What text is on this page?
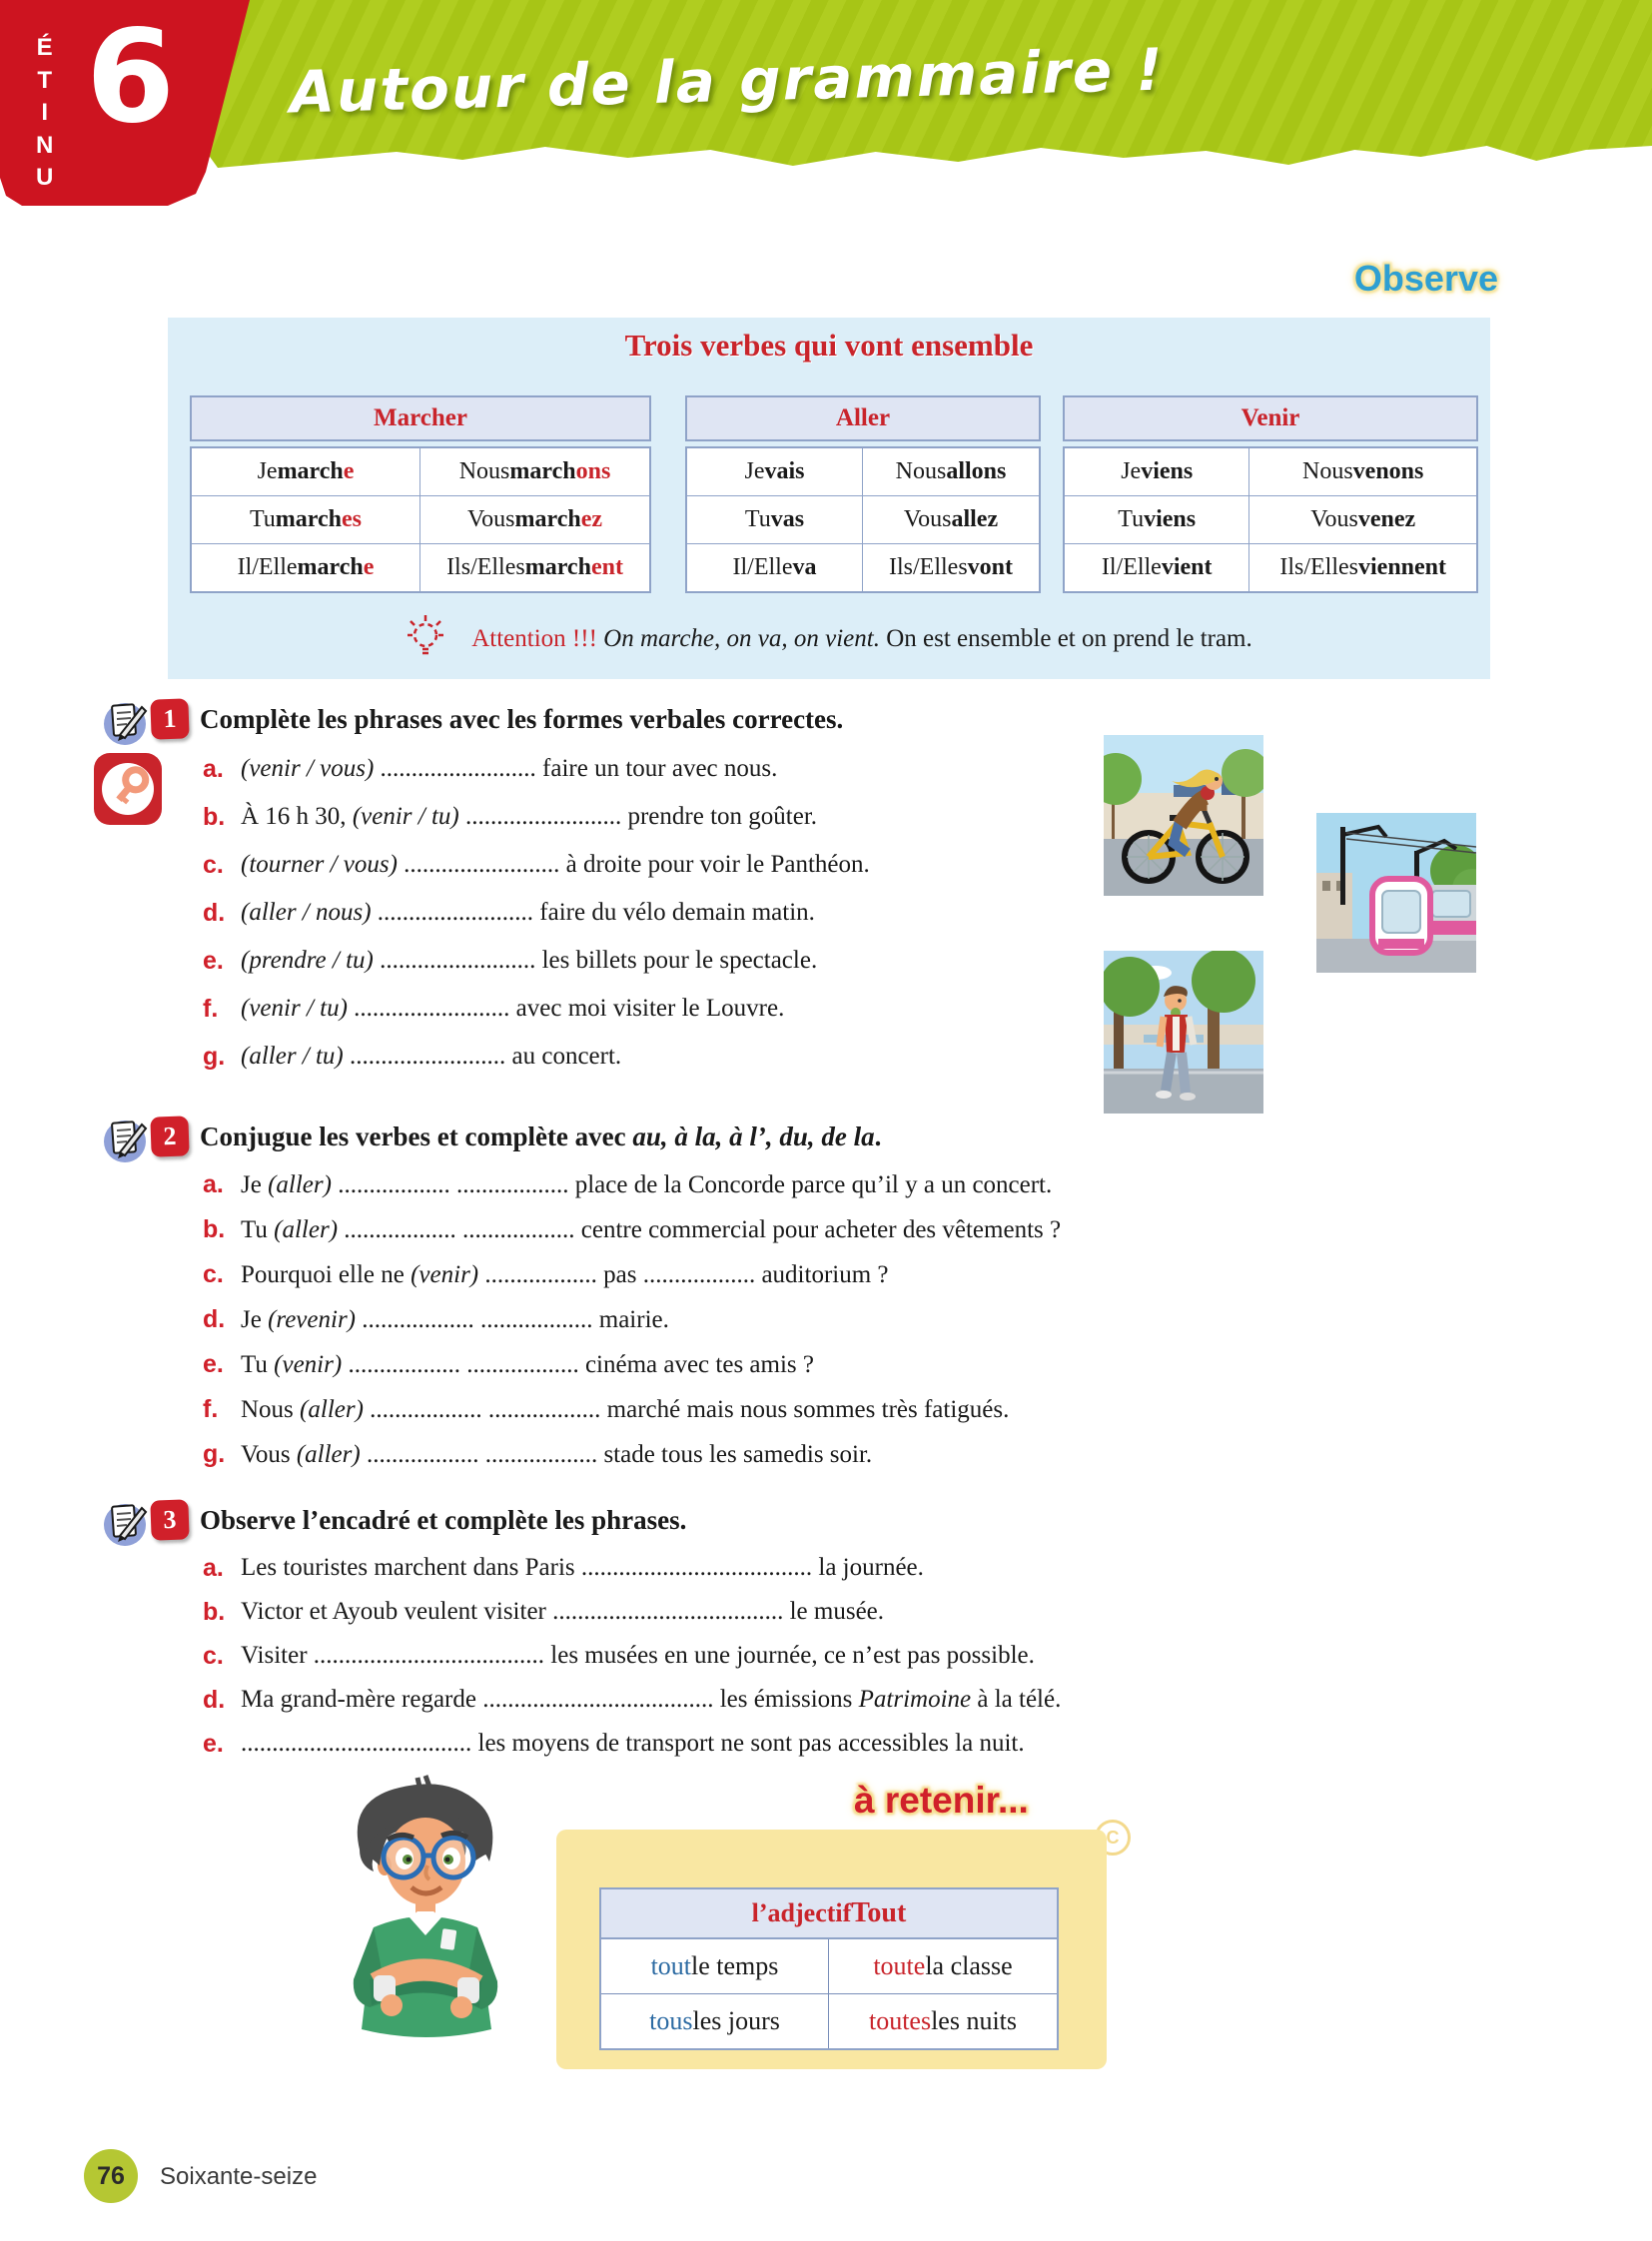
Autour de la grammaire !
U
N
I
T
É 6
Observe
Trois verbes qui vont ensemble
Marcher
Je march e	Nous march ons
Tu march es	Vous march ez
Il/Elle march e	Ils/Elles march ent
Aller
Je vais	Nous allons
Tu vas	Vous allez
Il/Elle va	Ils/Elles vont
Venir
Je viens	Nous venons
Tu viens	Vous venez
Il/Elle vient	Ils/Elles viennent
Attention !!! On marche, on va, on vient. On est ensemble et on prend le tram.
1 Complète les phrases avec les formes verbales correctes.
a. (venir / vous) ......................... faire un tour avec nous.
b. À 16 h 30, (venir / tu) ......................... prendre ton goûter.
c. (tourner / vous) ......................... à droite pour voir le Panthéon.
d. (aller / nous) ......................... faire du vélo demain matin.
e. (prendre / tu) ......................... les billets pour le spectacle.
f. (venir / tu) ......................... avec moi visiter le Louvre.
g. (aller / tu) ......................... au concert.
2 Conjugue les verbes et complète avec au, à la, à l’, du, de la.
a. Je (aller) .................. .................. place de la Concorde parce qu’il y a un concert.
b. Tu (aller) .................. .................. centre commercial pour acheter des vêtements ?
c. Pourquoi elle ne (venir) .................. pas .................. auditorium ?
d. Je (revenir) .................. .................. mairie.
e. Tu (venir) .................. .................. cinéma avec tes amis ?
f. Nous (aller) .................. .................. marché mais nous sommes très fatigués.
g. Vous (aller) .................. .................. stade tous les samedis soir.
3 Observe l’encadré et complète les phrases.
a. Les touristes marchent dans Paris ..................................... la journée.
b. Victor et Ayoub veulent visiter ..................................... le musée.
c. Visiter ..................................... les musées en une journée, ce n’est pas possible.
d. Ma grand-mère regarde ..................................... les émissions Patrimoine à la télé.
e. ..................................... les moyens de transport ne sont pas accessibles la nuit.
à retenir...
C
l’adjectif Tout
tout le temps	toute la classe
tous les jours	toutes les nuits
76	Soixante-seize
